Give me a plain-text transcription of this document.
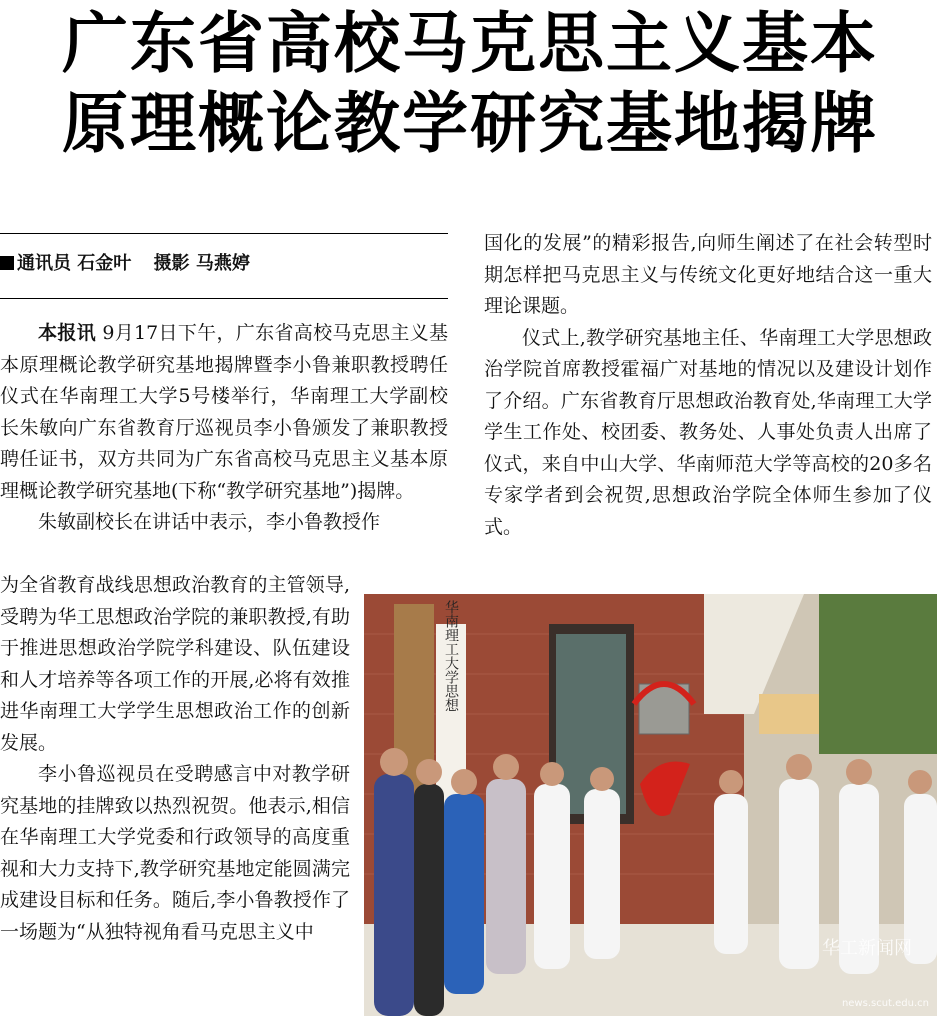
广东省高校马克思主义基本
原理概论教学研究基地揭牌
通讯员 石金叶 摄影 马燕婷

本报讯 9月17日下午，广东省高校马克思主义基本原理概论教学研究基地揭牌暨李小鲁兼职教授聘任仪式在华南理工大学5号楼举行，华南理工大学副校长朱敏向广东省教育厅巡视员李小鲁颁发了兼职教授聘任证书，双方共同为广东省高校马克思主义基本原理概论教学研究基地(下称“教学研究基地”)揭牌。

朱敏副校长在讲话中表示，李小鲁教授作

为全省教育战线思想政治教育的主管领导,受聘为华工思想政治学院的兼职教授,有助于推进思想政治学院学科建设、队伍建设和人才培养等各项工作的开展,必将有效推进华南理工大学学生思想政治工作的创新发展。

李小鲁巡视员在受聘感言中对教学研究基地的挂牌致以热烈祝贺。他表示,相信在华南理工大学党委和行政领导的高度重视和大力支持下,教学研究基地定能圆满完成建设目标和任务。随后,李小鲁教授作了一场题为“从独特视角看马克思主义中

国化的发展”的精彩报告,向师生阐述了在社会转型时期怎样把马克思主义与传统文化更好地结合这一重大理论课题。

仪式上,教学研究基地主任、华南理工大学思想政治学院首席教授霍福广对基地的情况以及建设计划作了介绍。广东省教育厅思想政治教育处,华南理工大学学生工作处、校团委、教务处、人事处负责人出席了仪式，来自中山大学、华南师范大学等高校的20多名专家学者到会祝贺,思想政治学院全体师生参加了仪式。

华南理工大学思想
华工新闻网
news.scut.edu.cn
